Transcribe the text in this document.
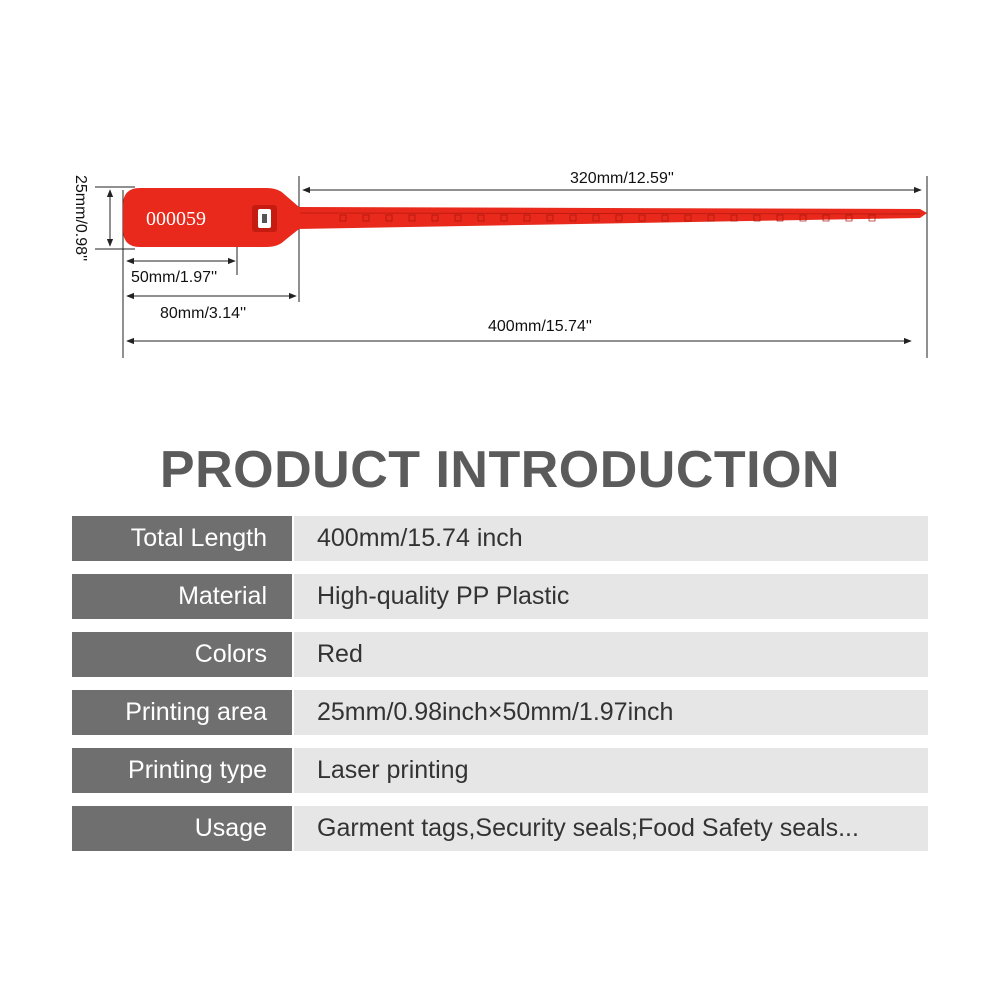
000059
25mm/0.98''	320mm/12.59''
50mm/1.97''
80mm/3.14''
400mm/15.74''
PRODUCT INTRODUCTION
Total Length	400mm/15.74 inch
Material	High-quality PP Plastic
Colors	Red
Printing area	25mm/0.98inch×50mm/1.97inch
Printing type	Laser printing
Usage	Garment tags,Security seals;Food Safety seals...
